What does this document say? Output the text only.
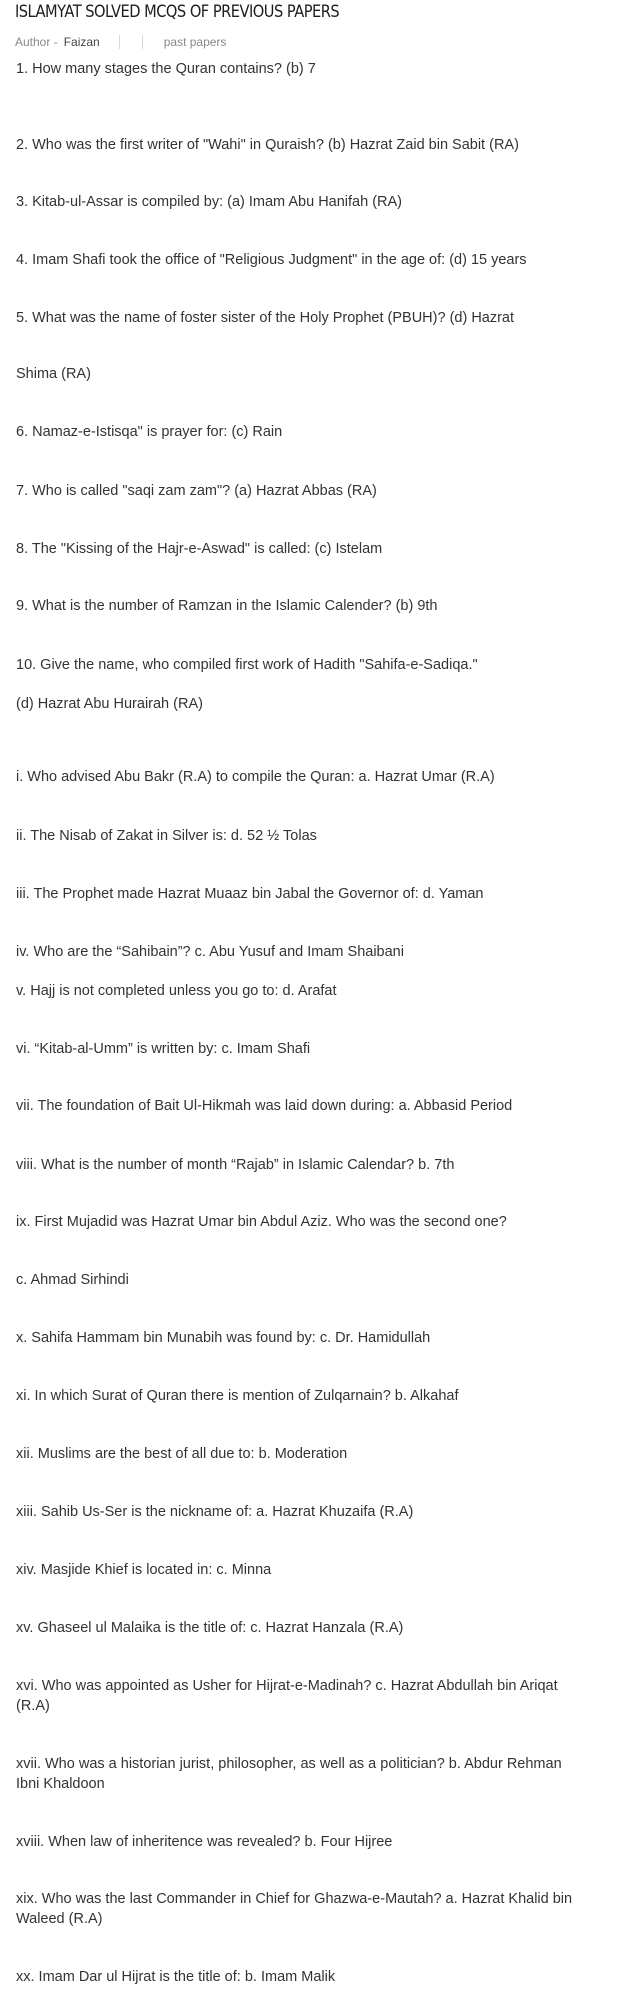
ISLAMYAT SOLVED MCQS OF PREVIOUS PAPERS
Author - Faizan	past papers
1. How many stages the Quran contains? (b) 7
2. Who was the first writer of "Wahi" in Quraish? (b) Hazrat Zaid bin Sabit (RA)
3. Kitab-ul-Assar is compiled by: (a) Imam Abu Hanifah (RA)
4. Imam Shafi took the office of "Religious Judgment" in the age of: (d) 15 years
5. What was the name of foster sister of the Holy Prophet (PBUH)? (d) Hazrat
Shima (RA)
6. Namaz-e-Istisqa" is prayer for: (c) Rain
7. Who is called "saqi zam zam"? (a) Hazrat Abbas (RA)
8. The "Kissing of the Hajr-e-Aswad" is called: (c) Istelam
9. What is the number of Ramzan in the Islamic Calender? (b) 9th
10. Give the name, who compiled first work of Hadith "Sahifa-e-Sadiqa."
(d) Hazrat Abu Hurairah (RA)
i. Who advised Abu Bakr (R.A) to compile the Quran: a. Hazrat Umar (R.A)
ii. The Nisab of Zakat in Silver is: d. 52 ½ Tolas
iii. The Prophet made Hazrat Muaaz bin Jabal the Governor of: d. Yaman
iv. Who are the “Sahibain”? c. Abu Yusuf and Imam Shaibani
v. Hajj is not completed unless you go to: d. Arafat
vi. “Kitab-al-Umm” is written by: c. Imam Shafi
vii. The foundation of Bait Ul-Hikmah was laid down during: a. Abbasid Period
viii. What is the number of month “Rajab” in Islamic Calendar? b. 7th
ix. First Mujadid was Hazrat Umar bin Abdul Aziz. Who was the second one?
c. Ahmad Sirhindi
x. Sahifa Hammam bin Munabih was found by: c. Dr. Hamidullah
xi. In which Surat of Quran there is mention of Zulqarnain? b. Alkahaf
xii. Muslims are the best of all due to: b. Moderation
xiii. Sahib Us-Ser is the nickname of: a. Hazrat Khuzaifa (R.A)
xiv. Masjide Khief is located in: c. Minna
xv. Ghaseel ul Malaika is the title of: c. Hazrat Hanzala (R.A)
xvi. Who was appointed as Usher for Hijrat-e-Madinah? c. Hazrat Abdullah bin Ariqat (R.A)
xvii. Who was a historian jurist, philosopher, as well as a politician? b. Abdur Rehman Ibni Khaldoon
xviii. When law of inheritence was revealed? b. Four Hijree
xix. Who was the last Commander in Chief for Ghazwa-e-Mautah? a. Hazrat Khalid bin Waleed (R.A)
xx. Imam Dar ul Hijrat is the title of: b. Imam Malik
